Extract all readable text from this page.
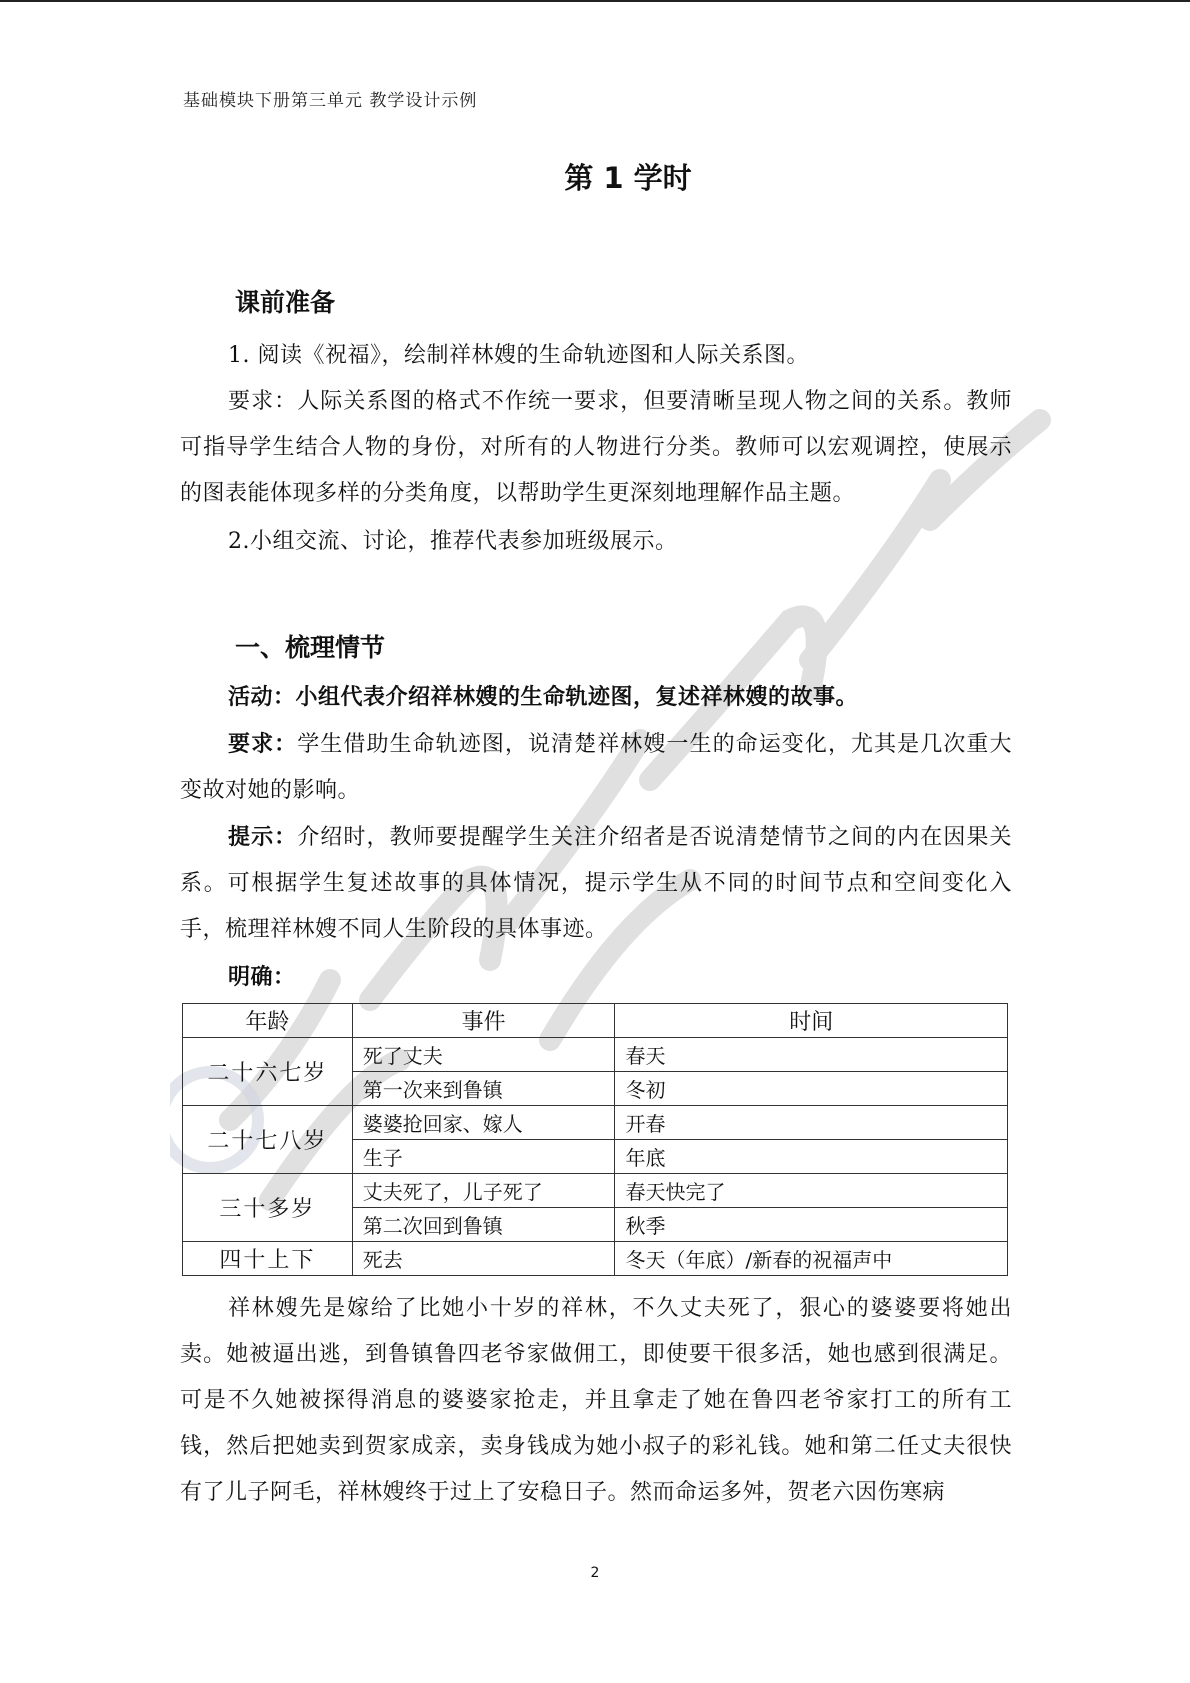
基础模块下册第三单元 教学设计示例
第 1 学时
课前准备
1. 阅读《祝福》，绘制祥林嫂的生命轨迹图和人际关系图。
要求：人际关系图的格式不作统一要求，但要清晰呈现人物之间的关系。教师可指导学生结合人物的身份，对所有的人物进行分类。教师可以宏观调控，使展示的图表能体现多样的分类角度，以帮助学生更深刻地理解作品主题。
2.小组交流、讨论，推荐代表参加班级展示。
一、梳理情节
活动：小组代表介绍祥林嫂的生命轨迹图，复述祥林嫂的故事。
要求：学生借助生命轨迹图，说清楚祥林嫂一生的命运变化，尤其是几次重大变故对她的影响。
提示：介绍时，教师要提醒学生关注介绍者是否说清楚情节之间的内在因果关系。可根据学生复述故事的具体情况，提示学生从不同的时间节点和空间变化入手，梳理祥林嫂不同人生阶段的具体事迹。
明确：
年龄	事件	时间
二十六七岁	死了丈夫	春天
	第一次来到鲁镇	冬初
二十七八岁	婆婆抢回家、嫁人	开春
	生子	年底
三十多岁	丈夫死了，儿子死了	春天快完了
	第二次回到鲁镇	秋季
四十上下	死去	冬天（年底）/新春的祝福声中
祥林嫂先是嫁给了比她小十岁的祥林，不久丈夫死了，狠心的婆婆要将她出卖。她被逼出逃，到鲁镇鲁四老爷家做佣工，即使要干很多活，她也感到很满足。可是不久她被探得消息的婆婆家抢走，并且拿走了她在鲁四老爷家打工的所有工钱，然后把她卖到贺家成亲，卖身钱成为她小叔子的彩礼钱。她和第二任丈夫很快有了儿子阿毛，祥林嫂终于过上了安稳日子。然而命运多舛，贺老六因伤寒病
2
